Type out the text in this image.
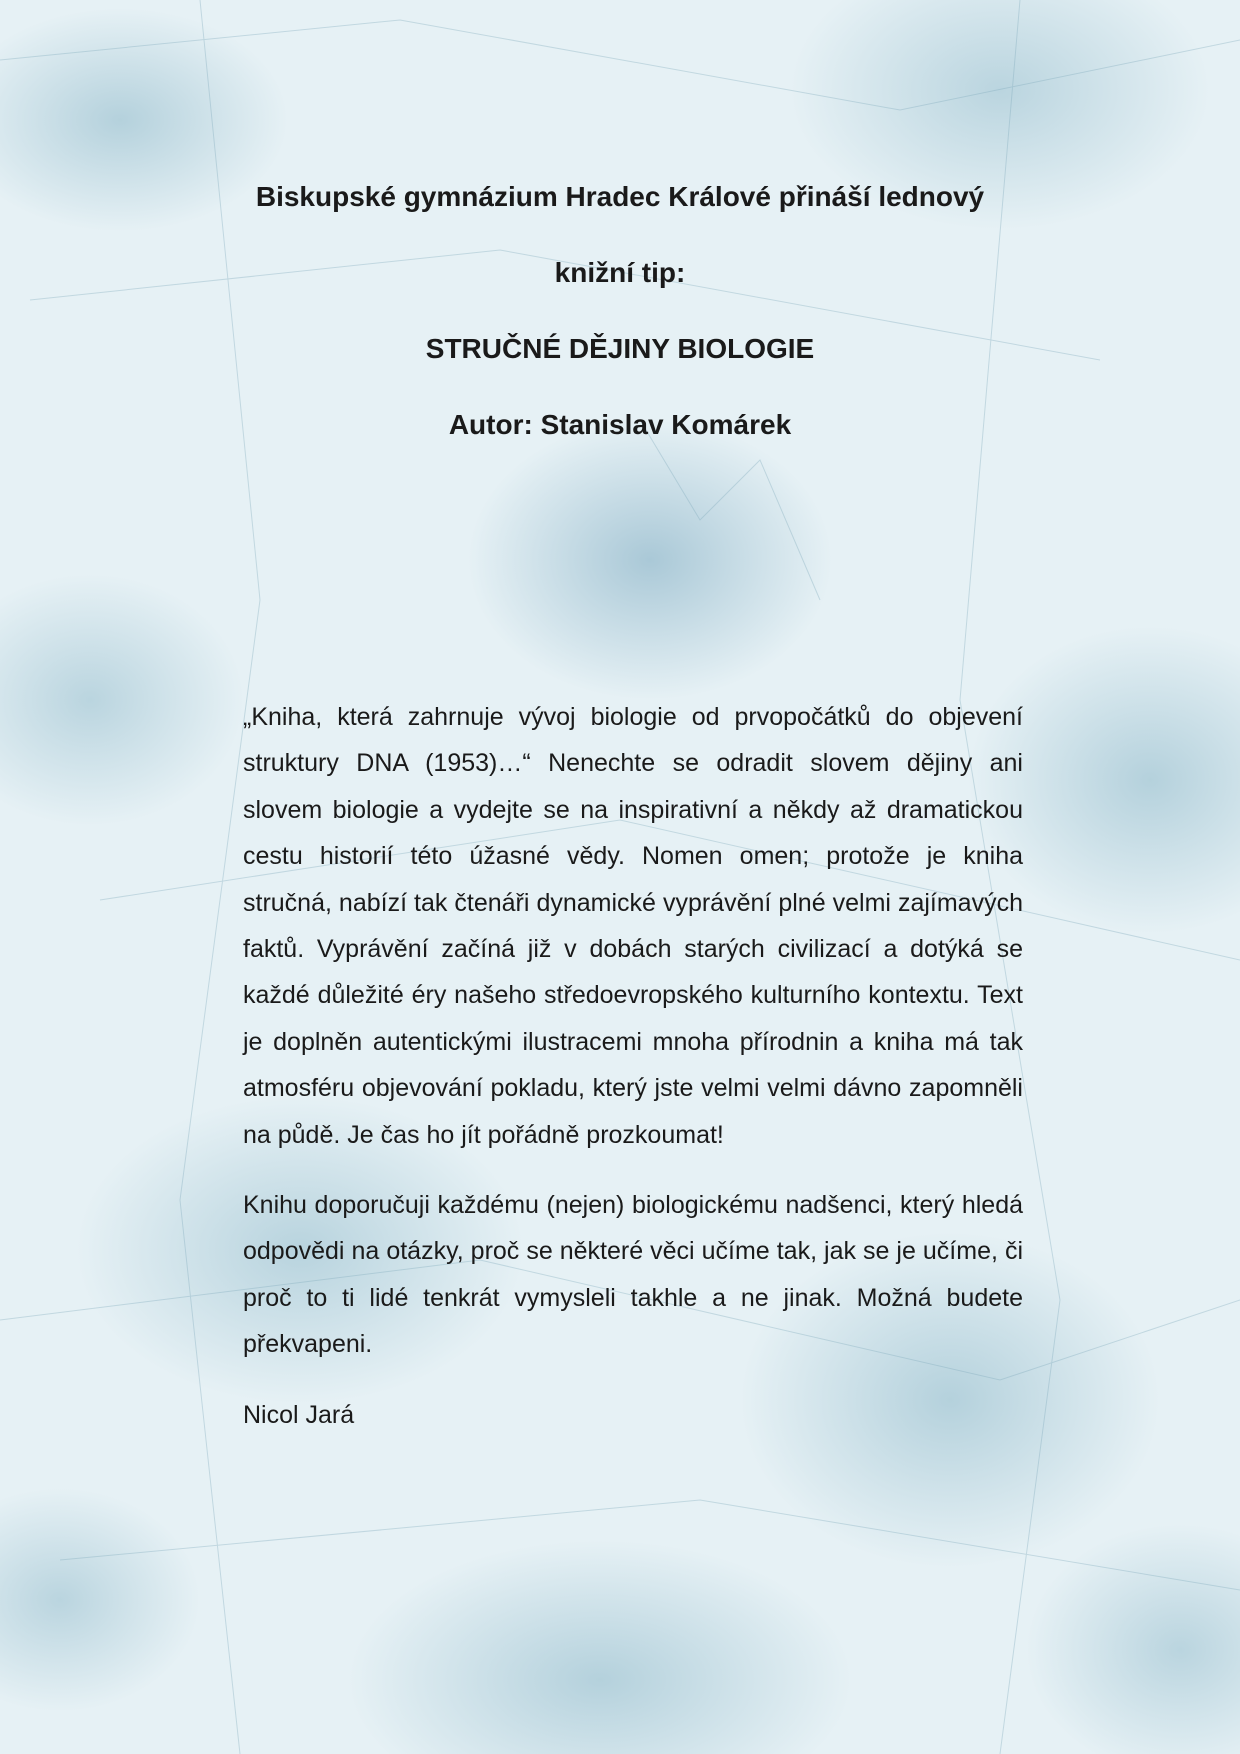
Biskupské gymnázium Hradec Králové přináší lednový
knižní tip:
STRUČNÉ DĚJINY BIOLOGIE
Autor: Stanislav Komárek

„Kniha, která zahrnuje vývoj biologie od prvopočátků do objevení struktury DNA (1953)…“ Nenechte se odradit slovem dějiny ani slovem biologie a vydejte se na inspirativní a někdy až dramatickou cestu historií této úžasné vědy. Nomen omen; protože je kniha stručná, nabízí tak čtenáři dynamické vyprávění plné velmi zajímavých faktů. Vyprávění začíná již v dobách starých civilizací a dotýká se každé důležité éry našeho středoevropského kulturního kontextu. Text je doplněn autentickými ilustracemi mnoha přírodnin a kniha má tak atmosféru objevování pokladu, který jste velmi velmi dávno zapomněli na půdě. Je čas ho jít pořádně prozkoumat!

Knihu doporučuji každému (nejen) biologickému nadšenci, který hledá odpovědi na otázky, proč se některé věci učíme tak, jak se je učíme, či proč to ti lidé tenkrát vymysleli takhle a ne jinak. Možná budete překvapeni.

Nicol Jará
